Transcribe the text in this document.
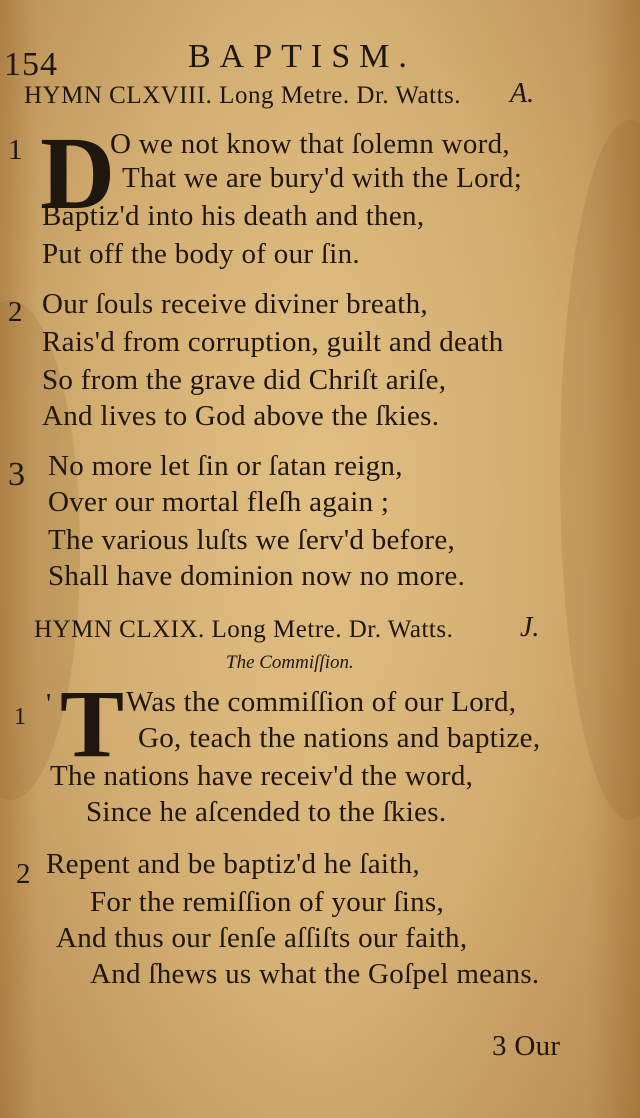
154	BAPTISM.
HYMN CLXVIII. Long Metre. Dr. Watts. A.
1 D
O we not know that ſolemn word,
That we are bury'd with the Lord;
Baptiz'd into his death and then,
Put off the body of our ſin.
2 Our ſouls receive diviner breath,
Rais'd from corruption, guilt and death
So from the grave did Chriſt ariſe,
And lives to God above the ſkies.
3 No more let ſin or ſatan reign,
Over our mortal fleſh again ;
The various luſts we ſerv'd before,
Shall have dominion now no more.
HYMN CLXIX. Long Metre. Dr. Watts. J.
The Commiſſion.
1 ' T Was the commiſſion of our Lord,
Go, teach the nations and baptize,
The nations have receiv'd the word,
Since he aſcended to the ſkies.
2 Repent and be baptiz'd he ſaith,
For the remiſſion of your ſins,
And thus our ſenſe aſſiſts our faith,
And ſhews us what the Goſpel means.
3 Our
